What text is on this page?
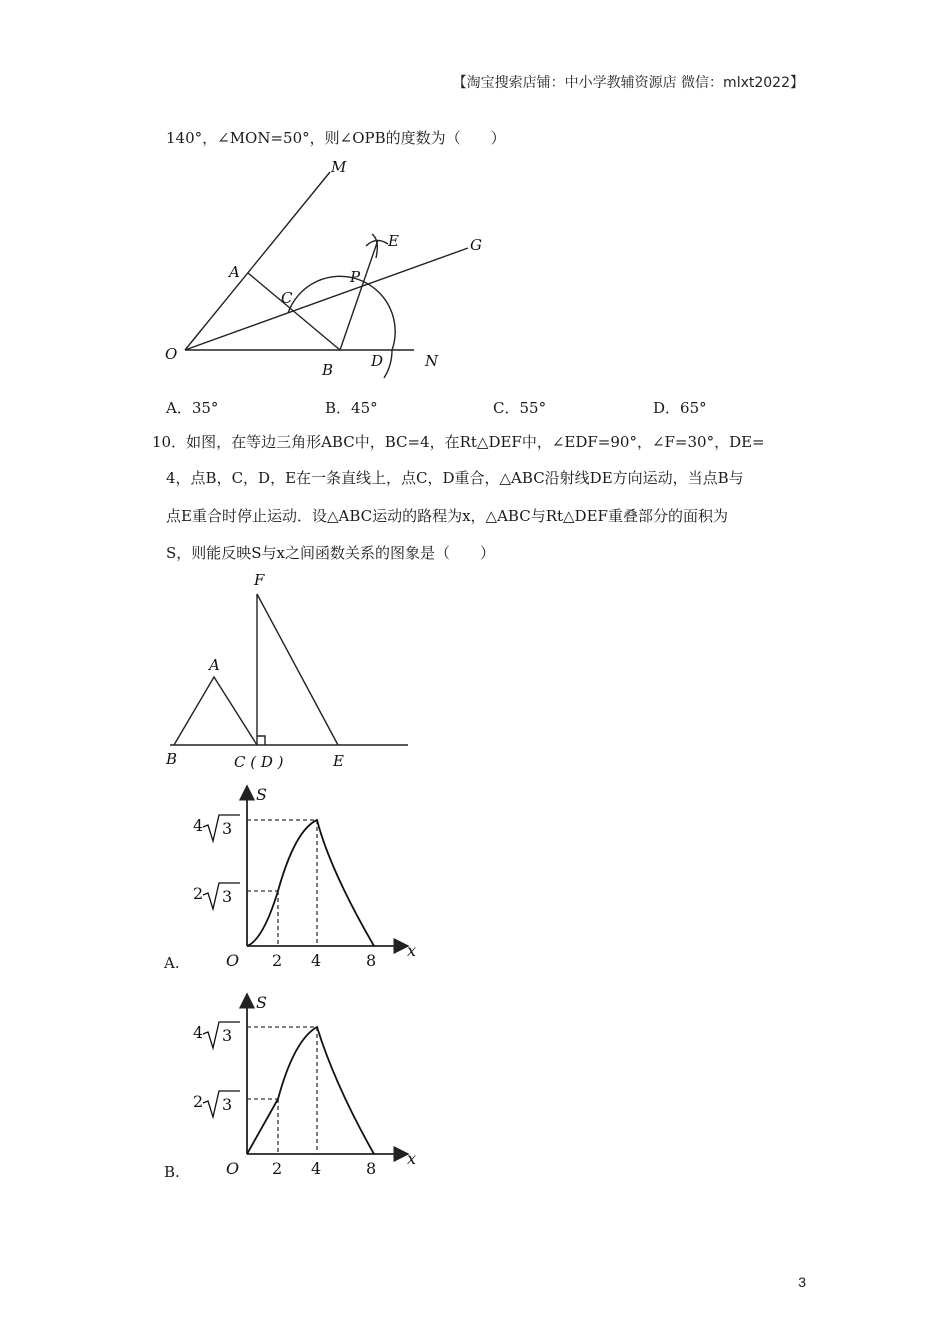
【淘宝搜索店铺：中小学教辅资源店 微信：mlxt2022】
140°，∠MON=50°，则∠OPB的度数为（　　）
M
E	G
A
C
P
O
B	D	N
A．35°	B．45°	C．55°	D．65°
10．如图，在等边三角形ABC中，BC=4，在Rt△DEF中，∠EDF=90°，∠F=30°，DE=
4，点B，C，D，E在一条直线上，点C，D重合，△ABC沿射线DE方向运动，当点B与
点E重合时停止运动．设△ABC运动的路程为x，△ABC与Rt△DEF重叠部分的面积为
S，则能反映S与x之间函数关系的图象是（　　）
F
A
B	C ( D )	E
A.
S
x
O 2 4	8
4 3
2 3
B.
S
x
O 2 4	8
4 3
2 3
3
